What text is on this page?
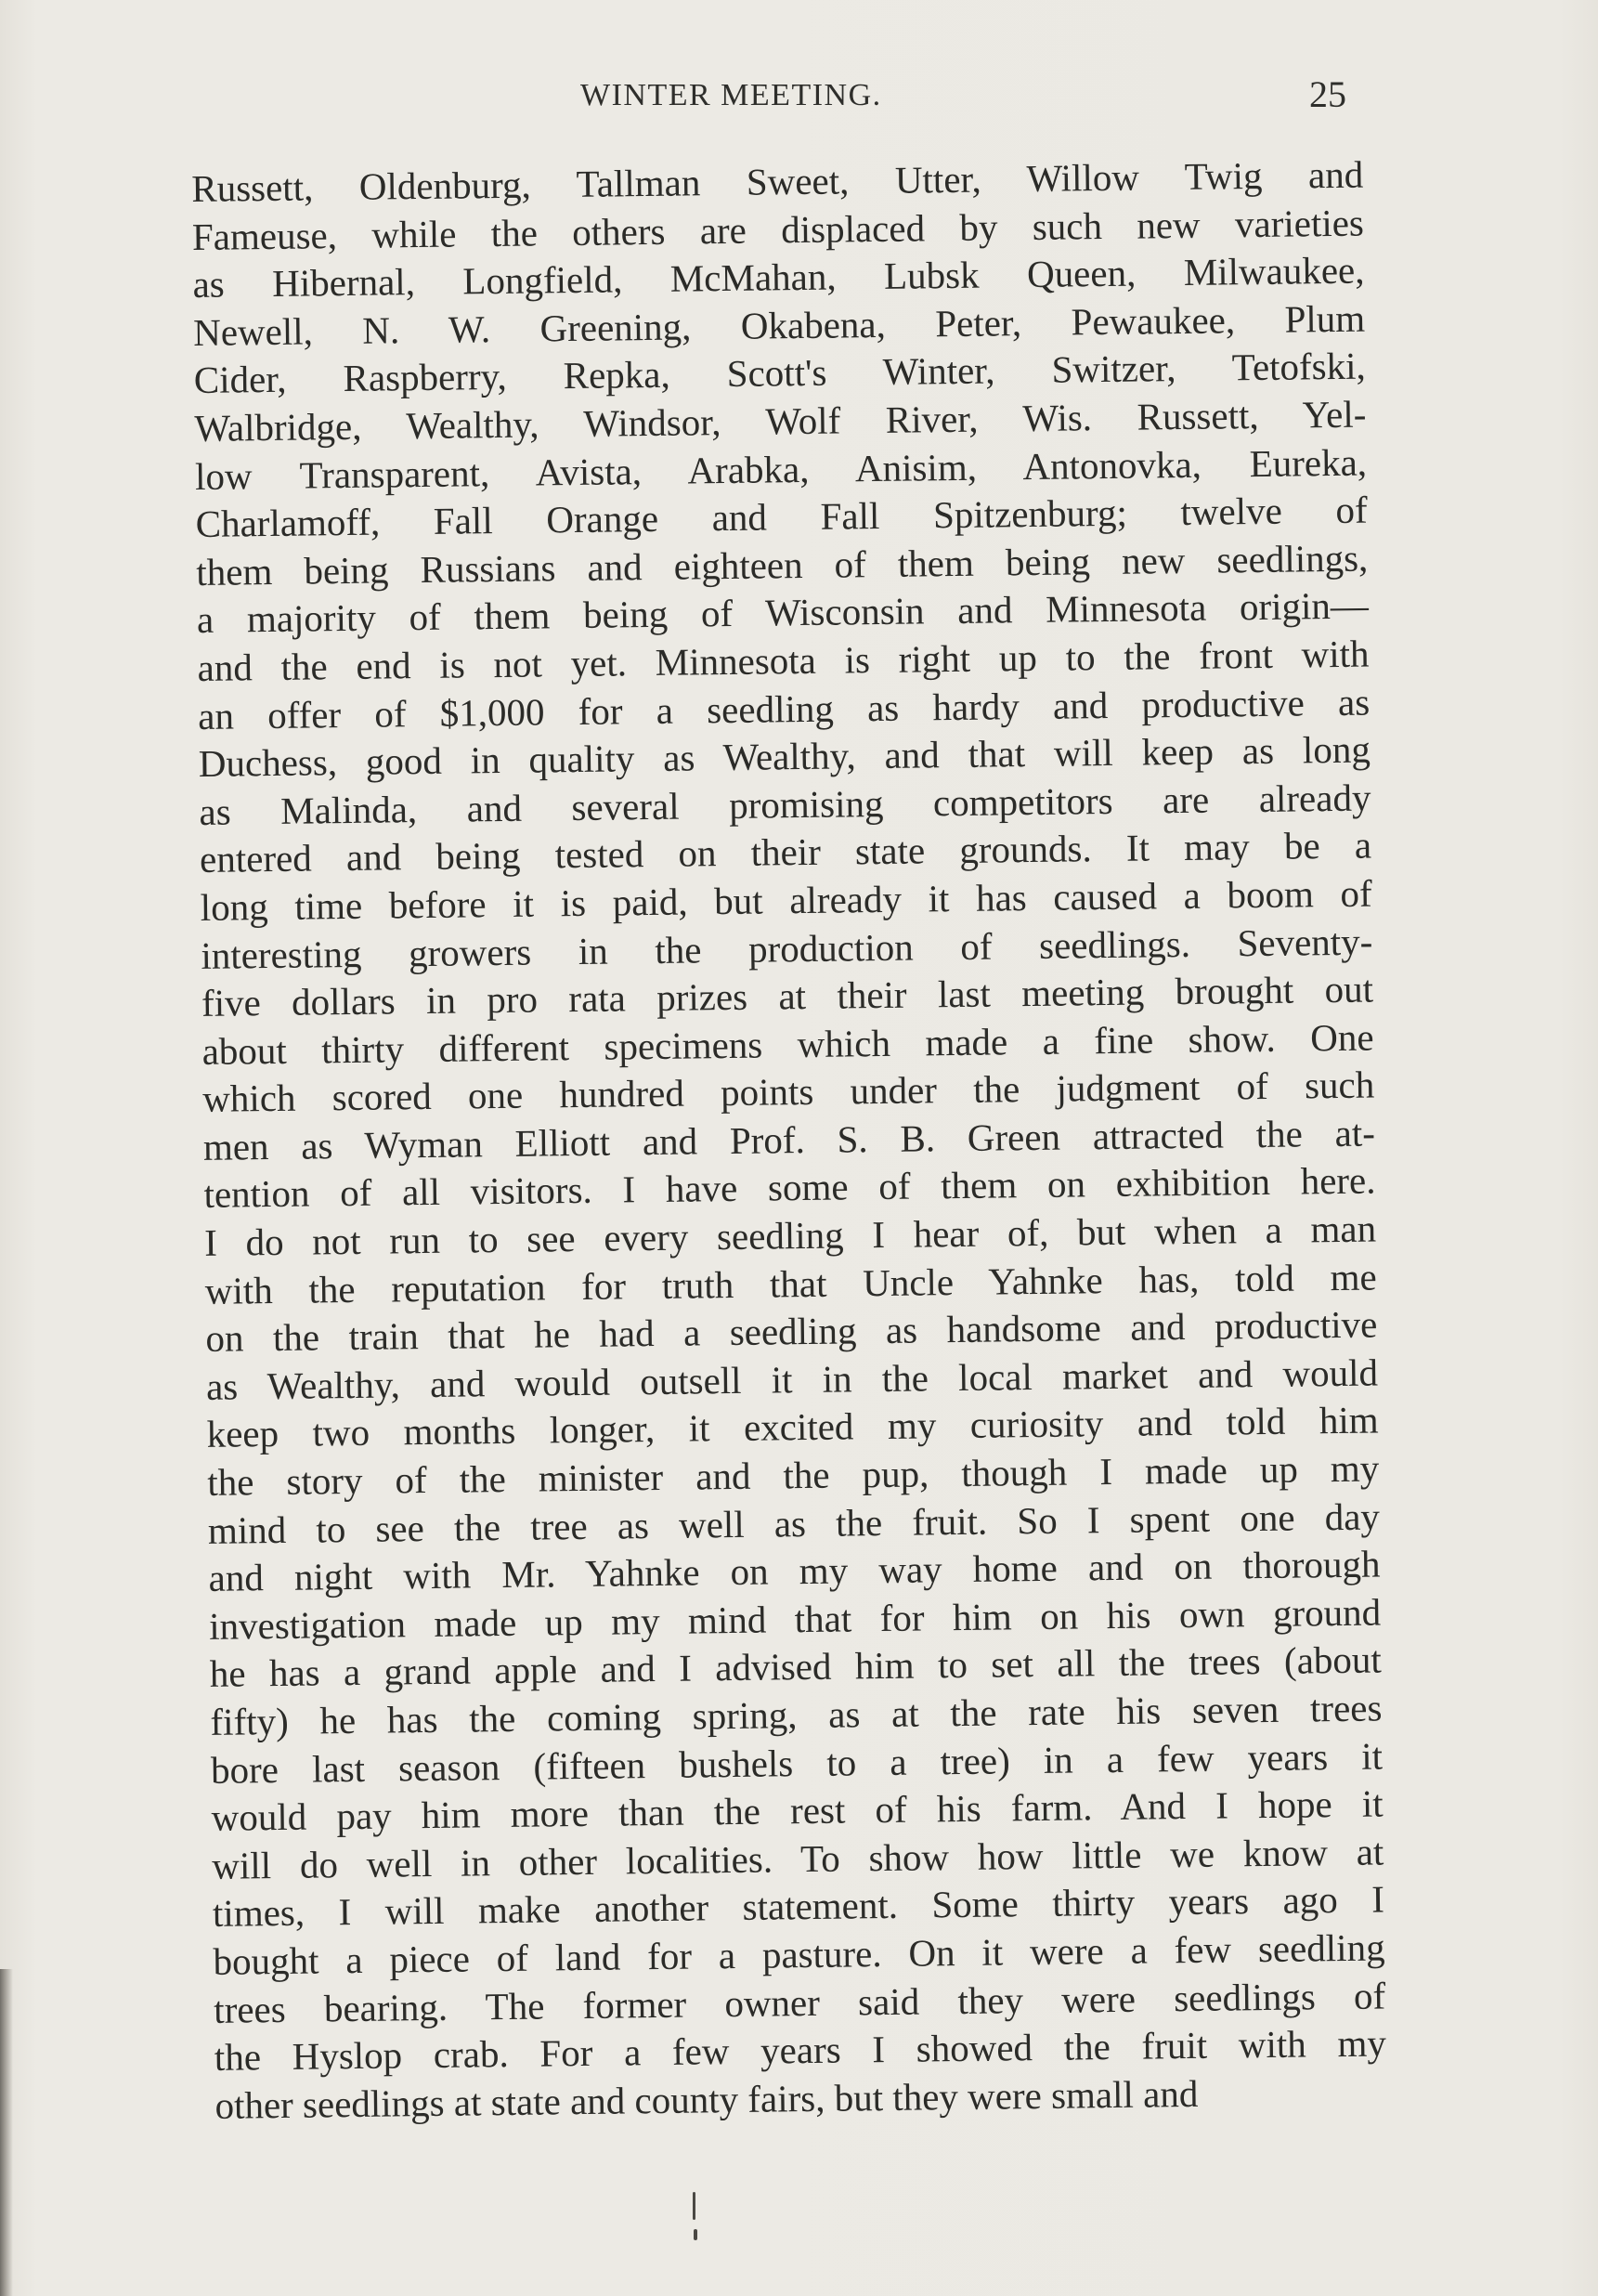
WINTER MEETING.	25
Russett, Oldenburg, Tallman Sweet, Utter, Willow Twig and
Fameuse, while the others are displaced by such new varieties
as Hibernal, Longfield, McMahan, Lubsk Queen, Milwaukee,
Newell, N. W. Greening, Okabena, Peter, Pewaukee, Plum
Cider, Raspberry, Repka, Scott's Winter, Switzer, Tetofski,
Walbridge, Wealthy, Windsor, Wolf River, Wis. Russett, Yel-
low Transparent, Avista, Arabka, Anisim, Antonovka, Eureka,
Charlamoff, Fall Orange and Fall Spitzenburg; twelve of
them being Russians and eighteen of them being new seedlings,
a majority of them being of Wisconsin and Minnesota origin—
and the end is not yet. Minnesota is right up to the front with
an offer of $1,000 for a seedling as hardy and productive as
Duchess, good in quality as Wealthy, and that will keep as long
as Malinda, and several promising competitors are already
entered and being tested on their state grounds. It may be a
long time before it is paid, but already it has caused a boom of
interesting growers in the production of seedlings. Seventy-
five dollars in pro rata prizes at their last meeting brought out
about thirty different specimens which made a fine show. One
which scored one hundred points under the judgment of such
men as Wyman Elliott and Prof. S. B. Green attracted the at-
tention of all visitors. I have some of them on exhibition here.
I do not run to see every seedling I hear of, but when a man
with the reputation for truth that Uncle Yahnke has, told me
on the train that he had a seedling as handsome and productive
as Wealthy, and would outsell it in the local market and would
keep two months longer, it excited my curiosity and told him
the story of the minister and the pup, though I made up my
mind to see the tree as well as the fruit. So I spent one day
and night with Mr. Yahnke on my way home and on thorough
investigation made up my mind that for him on his own ground
he has a grand apple and I advised him to set all the trees (about
fifty) he has the coming spring, as at the rate his seven trees
bore last season (fifteen bushels to a tree) in a few years it
would pay him more than the rest of his farm. And I hope it
will do well in other localities. To show how little we know at
times, I will make another statement. Some thirty years ago I
bought a piece of land for a pasture. On it were a few seedling
trees bearing. The former owner said they were seedlings of
the Hyslop crab. For a few years I showed the fruit with my
other seedlings at state and county fairs, but they were small and
